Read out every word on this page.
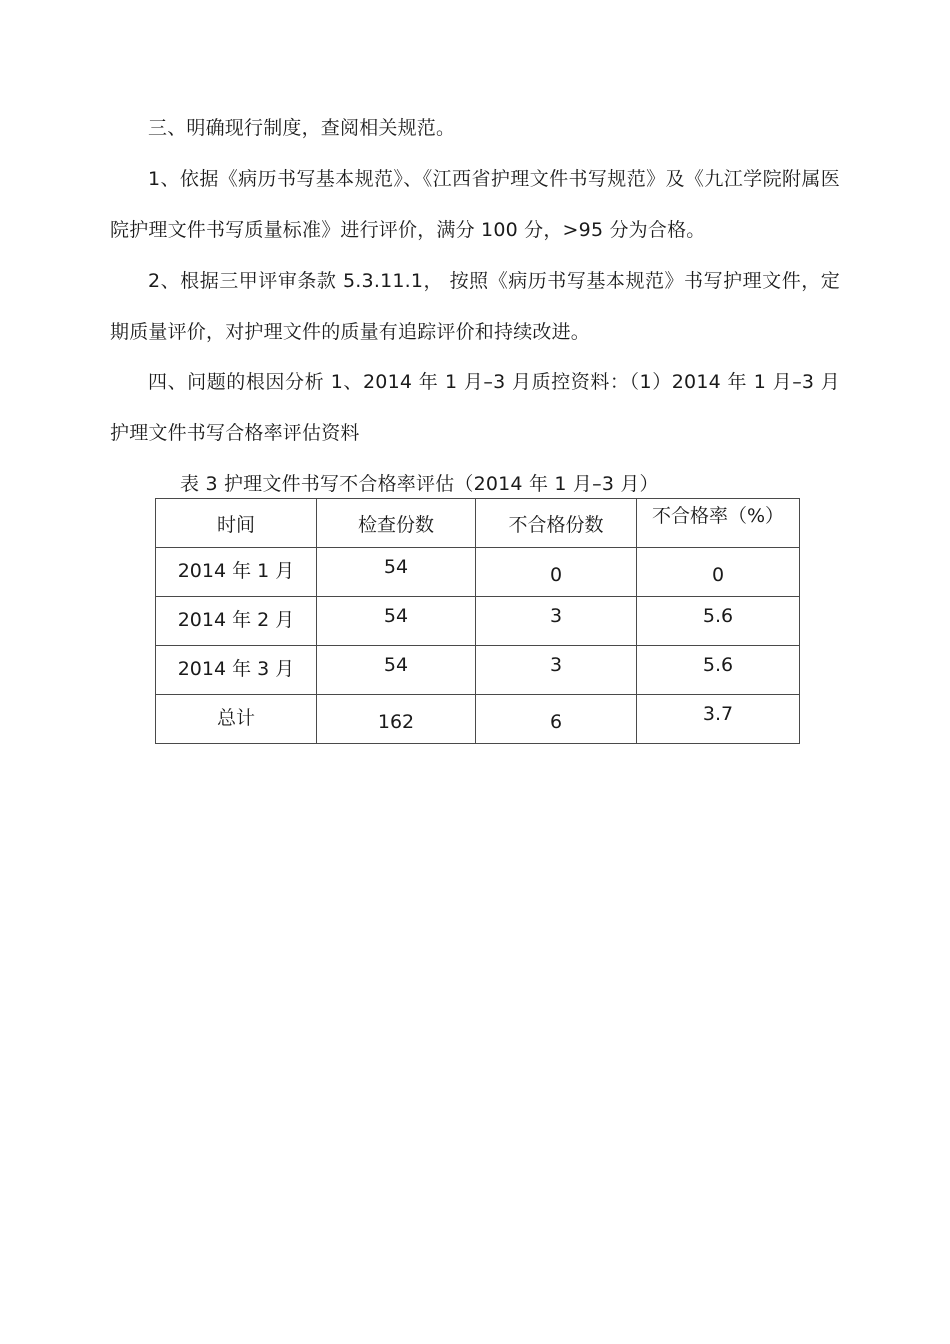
三、明确现行制度，查阅相关规范。

1、依据《病历书写基本规范》、《江西省护理文件书写规范》及《九江学院附属医院护理文件书写质量标准》进行评价，满分 100 分，>95 分为合格。

2、根据三甲评审条款 5.3.11.1， 按照《病历书写基本规范》书写护理文件，定期质量评价，对护理文件的质量有追踪评价和持续改进。

四、问题的根因分析 1、2014 年 1 月–3 月质控资料：（1）2014 年 1 月–3 月护理文件书写合格率评估资料

表 3 护理文件书写不合格率评估（2014 年 1 月–3 月）

时间	检查份数	不合格份数	不合格率（%）
2014 年 1 月	54	0	0
2014 年 2 月	54	3	5.6
2014 年 3 月	54	3	5.6
总计	162	6	3.7
